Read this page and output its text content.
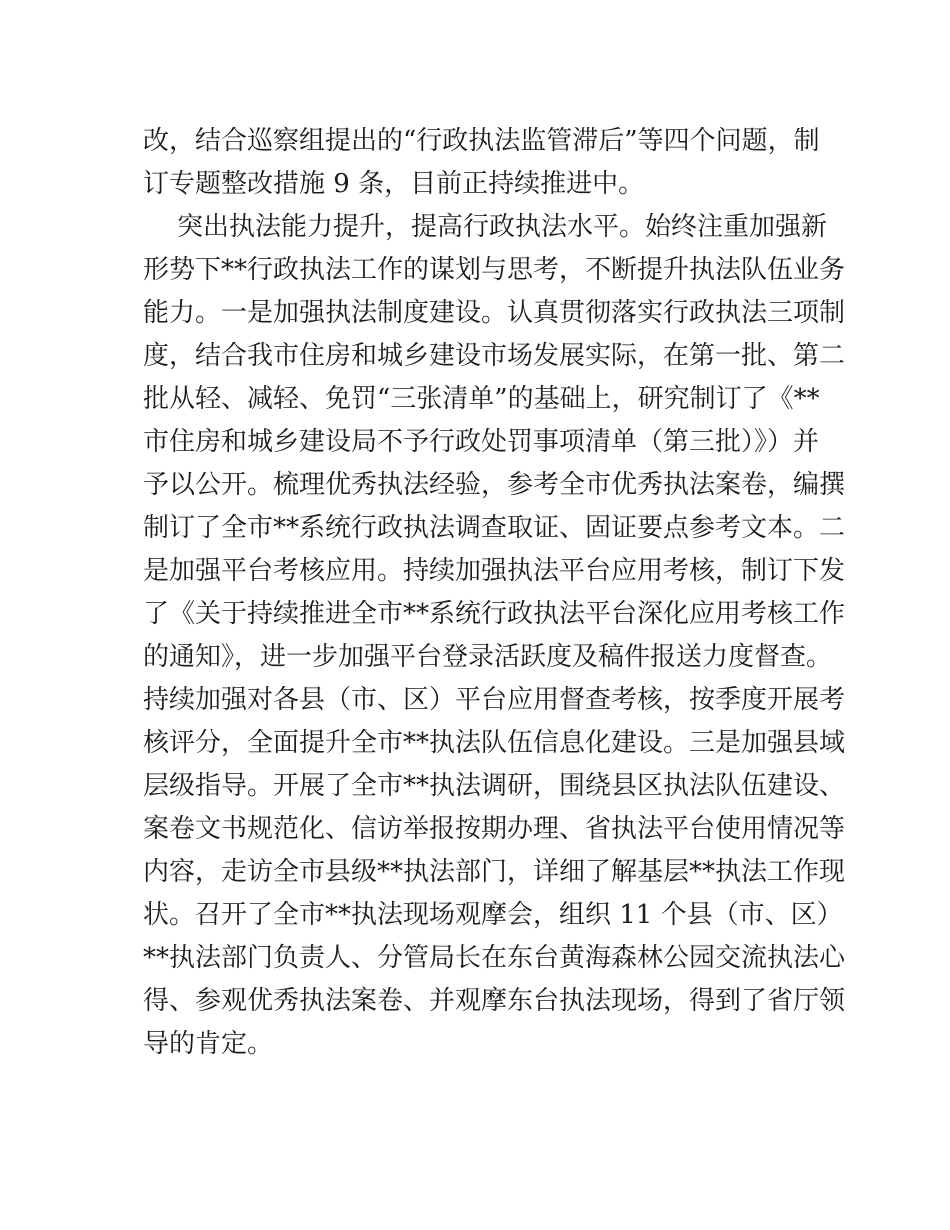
改，结合巡察组提出的“行政执法监管滞后”等四个问题，制
订专题整改措施 9 条，目前正持续推进中。
突出执法能力提升，提高行政执法水平。始终注重加强新
形势下**行政执法工作的谋划与思考，不断提升执法队伍业务
能力。一是加强执法制度建设。认真贯彻落实行政执法三项制
度，结合我市住房和城乡建设市场发展实际，在第一批、第二
批从轻、减轻、免罚“三张清单”的基础上，研究制订了《**
市住房和城乡建设局不予行政处罚事项清单（第三批）》）并
予以公开。梳理优秀执法经验，参考全市优秀执法案卷，编撰
制订了全市**系统行政执法调查取证、固证要点参考文本。二
是加强平台考核应用。持续加强执法平台应用考核，制订下发
了《关于持续推进全市**系统行政执法平台深化应用考核工作
的通知》，进一步加强平台登录活跃度及稿件报送力度督查。
持续加强对各县（市、区）平台应用督查考核，按季度开展考
核评分，全面提升全市**执法队伍信息化建设。三是加强县域
层级指导。开展了全市**执法调研，围绕县区执法队伍建设、
案卷文书规范化、信访举报按期办理、省执法平台使用情况等
内容，走访全市县级**执法部门，详细了解基层**执法工作现
状。召开了全市**执法现场观摩会，组织 11 个县（市、区）
**执法部门负责人、分管局长在东台黄海森林公园交流执法心
得、参观优秀执法案卷、并观摩东台执法现场，得到了省厅领
导的肯定。
